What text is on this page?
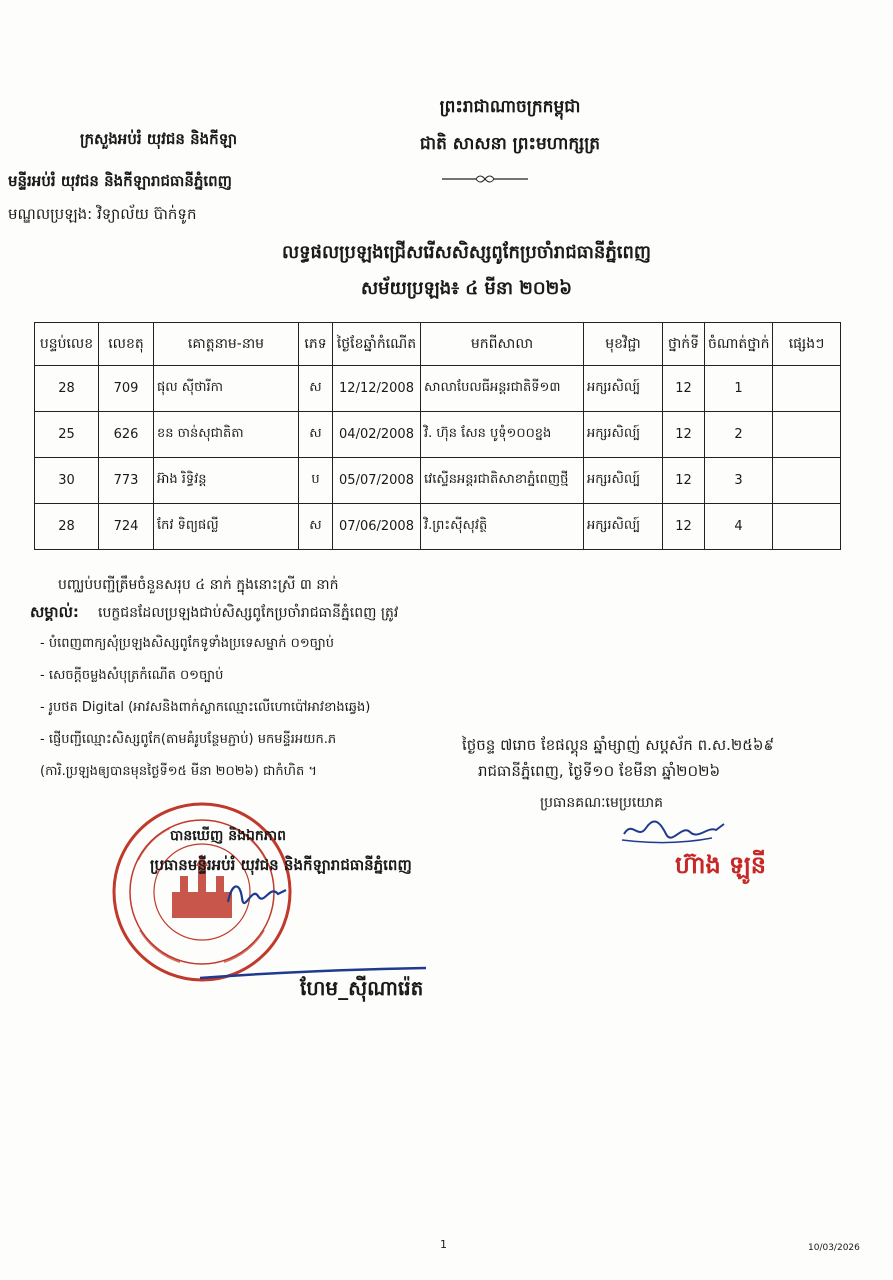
ព្រះរាជាណាចក្រកម្ពុជា
ជាតិ សាសនា ព្រះមហាក្សត្រ
ក្រសួងអប់រំ យុវជន និងកីឡា
មន្ទីរអប់រំ យុវជន និងកីឡារាជធានីភ្នំពេញ
មណ្ឌលប្រឡង: វិទ្យាល័យ ប៊ាក់ទូក
លទ្ធផលប្រឡងជ្រើសរើសសិស្សពូកែប្រចាំរាជធានីភ្នំពេញ
សម័យប្រឡង៖ ៤ មីនា ២០២៦
បន្ទប់លេខ	លេខតុ	គោត្តនាម-នាម	ភេទ	ថ្ងៃខែឆ្នាំកំណើត	មកពីសាលា	មុខវិជ្ជា	ថ្នាក់ទី	ចំណាត់ថ្នាក់	ផ្សេងៗ
28	709	ផុល ស៊ីថារីកា	ស	12/12/2008	សាលាបែលធីអន្តរជាតិទី១៣	អក្សរសិល្ប៍	12	1	
25	626	ខន ចាន់សុជាតិតា	ស	04/02/2008	វិ. ហ៊ុន សែន បូទុំ១០០ខ្នង	អក្សរសិល្ប៍	12	2	
30	773	អ៊ាង រិទ្ធិវន្ត	ប	05/07/2008	វេស្ទើនអន្តរជាតិសាខាភ្នំពេញថ្មី	អក្សរសិល្ប៍	12	3	
28	724	កែវ ទិព្យផល្លី	ស	07/06/2008	វិ.ព្រះស៊ីសុវត្ថិ	អក្សរសិល្ប៍	12	4	
បញ្ឈប់បញ្ជីត្រឹមចំនួនសរុប ៤ នាក់ ក្នុងនោះស្រី ៣ នាក់
សម្គាល់: បេក្ខជនដែលប្រឡងជាប់សិស្សពូកែប្រចាំរាជធានីភ្នំពេញ ត្រូវ
- បំពេញពាក្យសុំប្រឡងសិស្សពូកែទូទាំងប្រទេសម្នាក់ ០១ច្បាប់
- សេចក្តីចម្លងសំបុត្រកំណើត ០១ច្បាប់
- រូបថត Digital (អាវសនិងពាក់ស្លាកឈ្មោះលើហោប៉ៅអាវខាងឆ្វេង)
- ផ្ញើបញ្ជីឈ្មោះសិស្សពូកែ(តាមគំរូបន្ថែមភ្ជាប់) មកមន្ទីរអយក.ភ
(ការិ.ប្រឡងឲ្យបានមុនថ្ងៃទី១៥ មីនា ២០២៦) ជាកំហិត ។
ថ្ងៃចន្ទ ៧រោច ខែផល្គុន ឆ្នាំម្សាញ់ សប្តស័ក ព.ស.២៥៦៩
រាជធានីភ្នំពេញ, ថ្ងៃទី១០ ខែមីនា ឆ្នាំ២០២៦
ប្រធានគណៈមេប្រយោគ
ហ៊ាង ឡូនី
បានឃើញ និងឯកភាព
ប្រធានមន្ទីរអប់រំ យុវជន និងកីឡារាជធានីភ្នំពេញ
ហែម_ស៊ីណារ៉េត
1	10/03/2026
